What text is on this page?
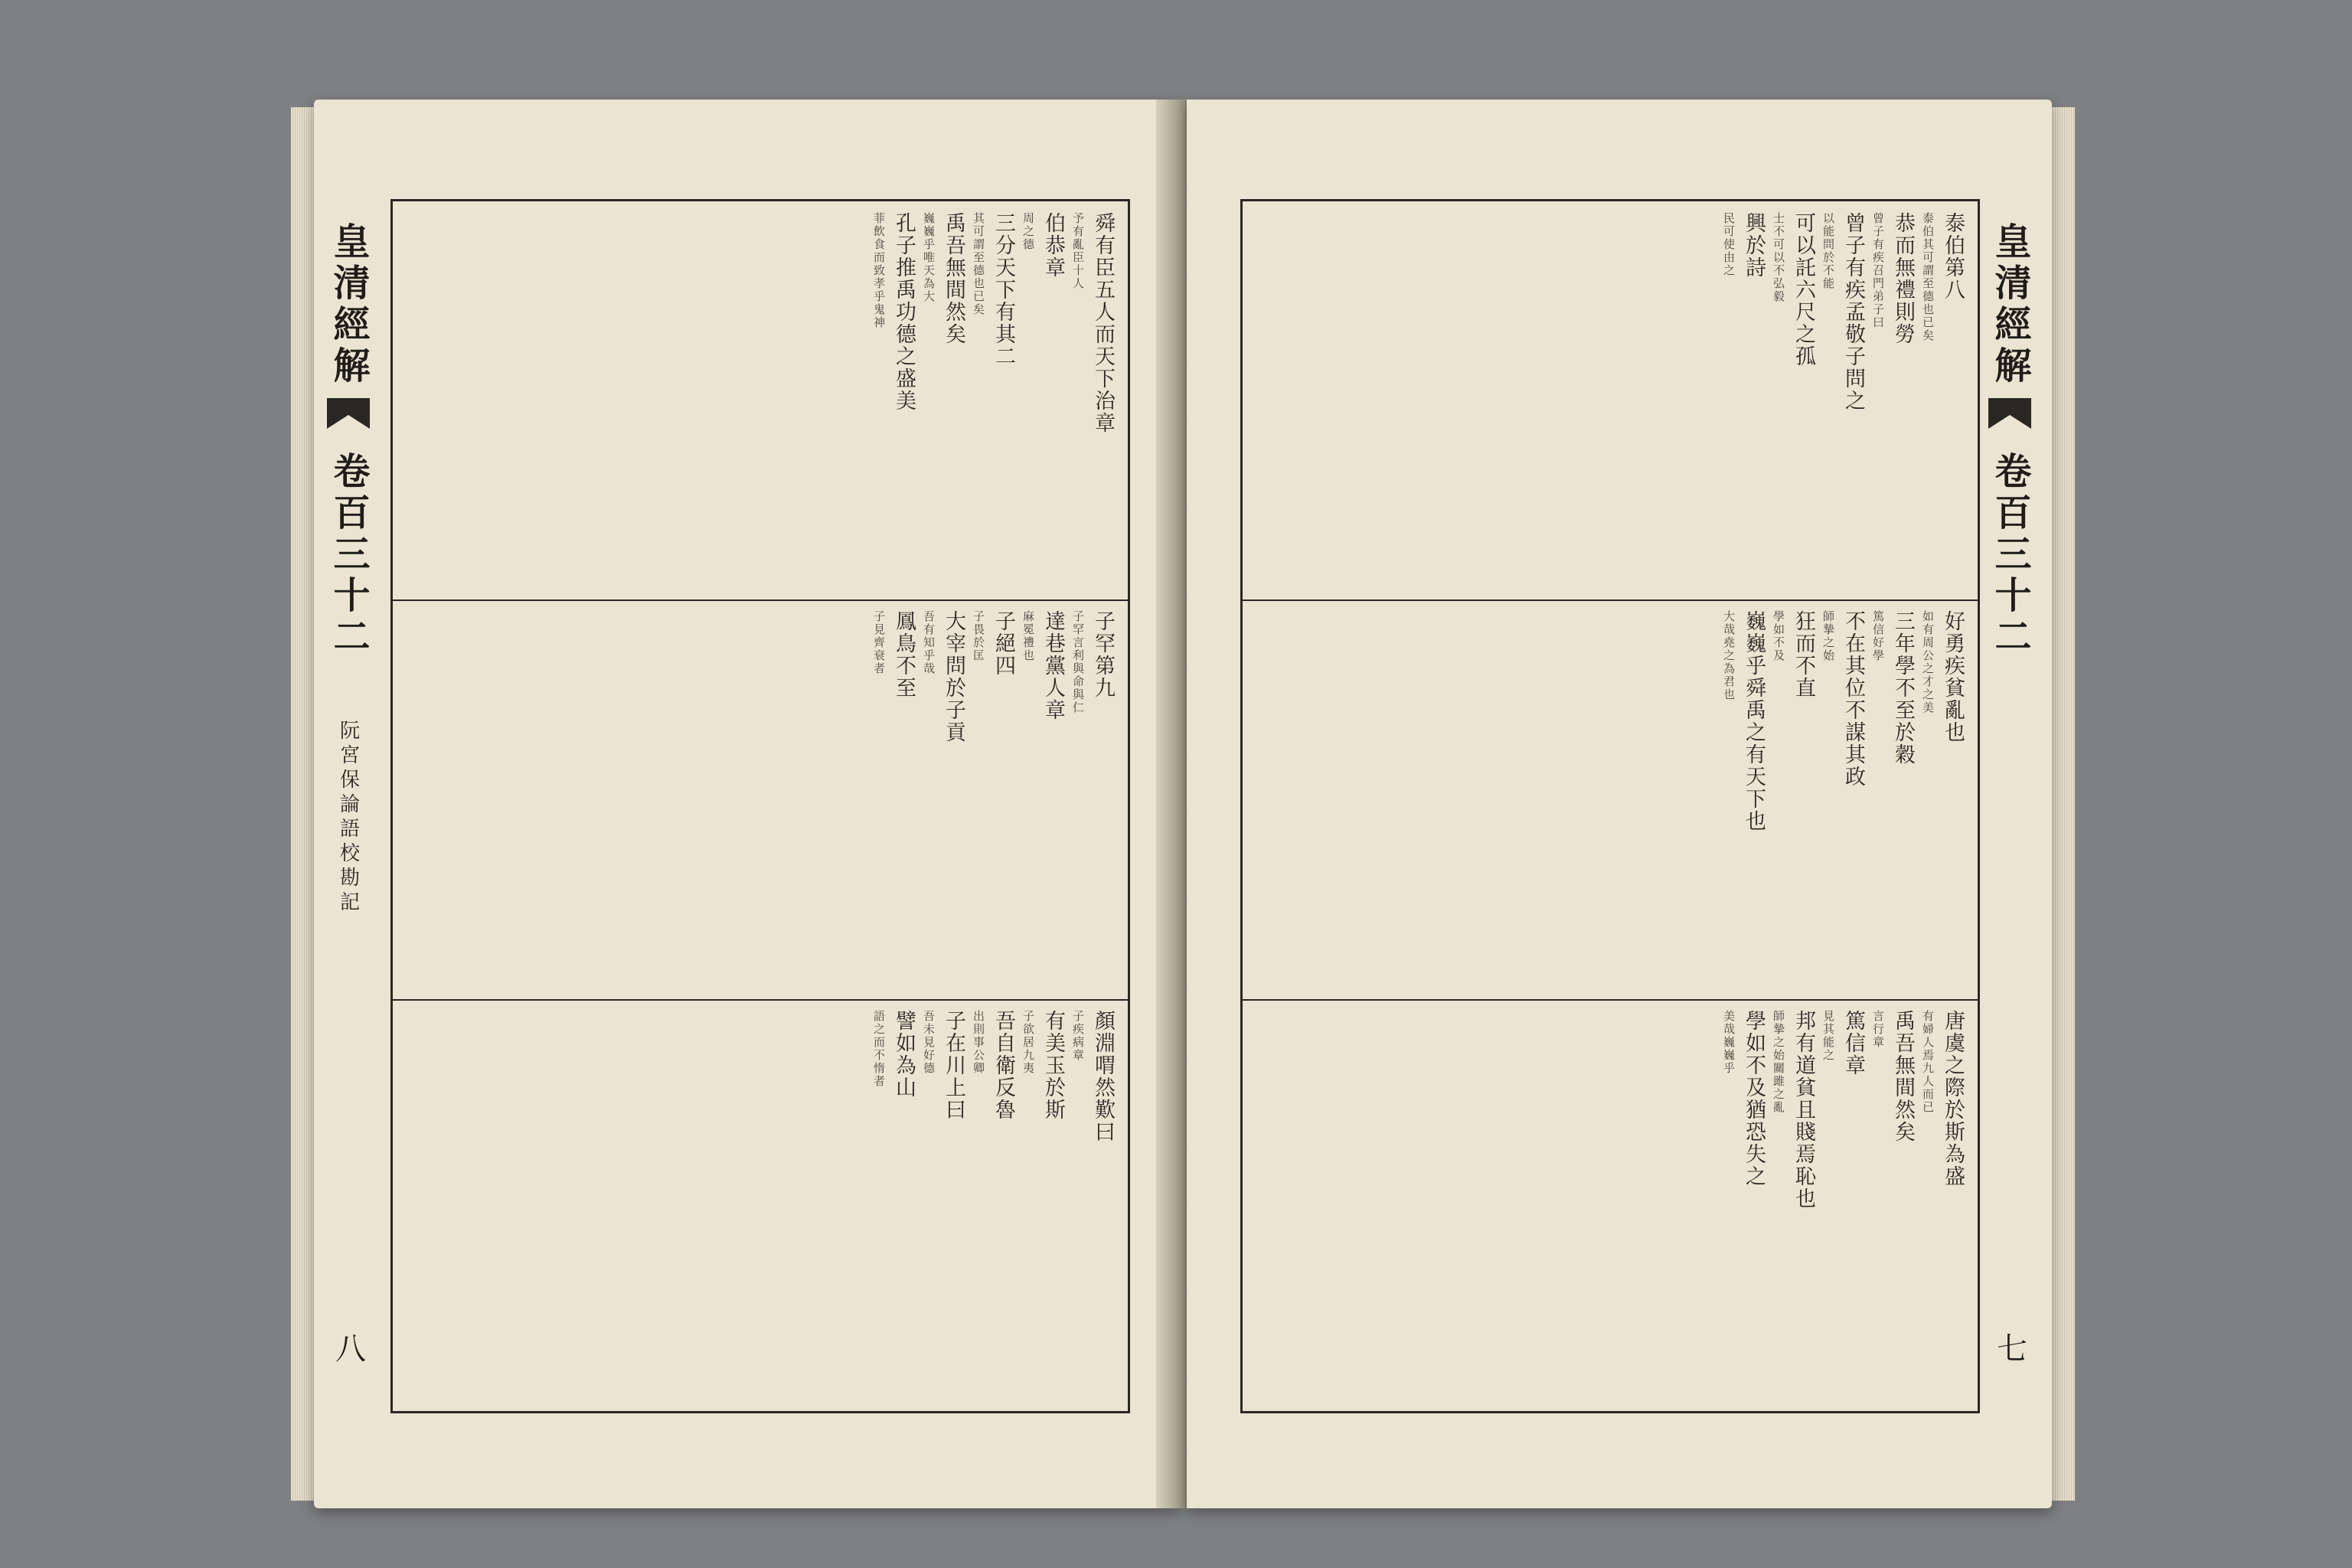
舜有臣五人而天下治章
予有亂臣十人
伯恭章
周之德
三分天下有其二
其可謂至德也已矣
禹吾無間然矣
巍巍乎唯天為大
孔子推禹功德之盛美
菲飲食而致孝乎鬼神
子罕第九
子罕言利與命與仁
達巷黨人章
麻冕禮也
子絕四
子畏於匡
大宰問於子貢
吾有知乎哉
鳳鳥不至
子見齊衰者
顏淵喟然歎曰
子疾病章
有美玉於斯
子欲居九夷
吾自衛反魯
出則事公卿
子在川上曰
吾未見好德
譬如為山
語之而不惰者
皇清經解
卷百三十二
阮宮保論語校勘記
八
泰伯第八
泰伯其可謂至德也已矣
恭而無禮則勞
曾子有疾召門弟子曰
曾子有疾孟敬子問之
以能問於不能
可以託六尺之孤
士不可以不弘毅
興於詩
民可使由之
好勇疾貧亂也
如有周公之才之美
三年學不至於穀
篤信好學
不在其位不謀其政
師摯之始
狂而不直
學如不及
巍巍乎舜禹之有天下也
大哉堯之為君也
唐虞之際於斯為盛
有婦人焉九人而已
禹吾無間然矣
言行章
篤信章
見其能之
邦有道貧且賤焉恥也
師摯之始關雎之亂
學如不及猶恐失之
美哉巍巍乎
皇清經解
卷百三十二
七
